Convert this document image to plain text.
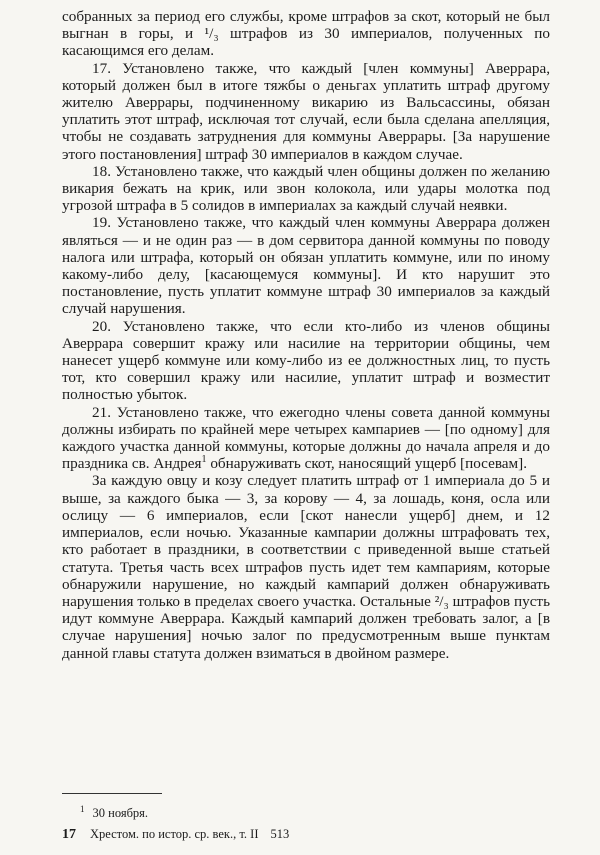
собранных за период его службы, кроме штрафов за скот, который не был выгнан в горы, и ¹/₃ штрафов из 30 империалов, полученных по касающимся его делам.

17. Установлено также, что каждый [член коммуны] Аверрара, который должен был в итоге тяжбы о деньгах уплатить штраф другому жителю Аверрары, подчиненному викарию из Вальсассины, обязан уплатить этот штраф, исключая тот случай, если была сделана апелляция, чтобы не создавать затруднения для коммуны Аверрары. [За нарушение этого постановления] штраф 30 империалов в каждом случае.

18. Установлено также, что каждый член общины должен по желанию викария бежать на крик, или звон колокола, или удары молотка под угрозой штрафа в 5 солидов в империалах за каждый случай неявки.

19. Установлено также, что каждый член коммуны Аверрара должен являться — и не один раз — в дом сервитора данной коммуны по поводу налога или штрафа, который он обязан уплатить коммуне, или по иному какому-либо делу, [касающемуся коммуны]. И кто нарушит это постановление, пусть уплатит коммуне штраф 30 империалов за каждый случай нарушения.

20. Установлено также, что если кто-либо из членов общины Аверрара совершит кражу или насилие на территории общины, чем нанесет ущерб коммуне или кому-либо из ее должностных лиц, то пусть тот, кто совершил кражу или насилие, уплатит штраф и возместит полностью убыток.

21. Установлено также, что ежегодно члены совета данной коммуны должны избирать по крайней мере четырех кампариев — [по одному] для каждого участка данной коммуны, которые должны до начала апреля и до праздника св. Андрея$^1$ обнаруживать скот, наносящий ущерб [посевам].

За каждую овцу и козу следует платить штраф от 1 империала до 5 и выше, за каждого быка — 3, за корову — 4, за лошадь, коня, осла или ослицу — 6 империалов, если [скот нанесли ущерб] днем, и 12 империалов, если ночью. Указанные кампарии должны штрафовать тех, кто работает в праздники, в соответствии с приведенной выше статьей статута. Третья часть всех штрафов пусть идет тем кампариям, которые обнаружили нарушение, но каждый кампарий должен обнаруживать нарушения только в пределах своего участка. Остальные ²/₃ штрафов пусть идут коммуне Аверрара. Каждый кампарий должен требовать залог, а [в случае нарушения] ночью залог по предусмотренным выше пунктам данной главы статута должен взиматься в двойном размере.

$^1$ 30 ноября.
17 Хрестом. по истор. ср. век., т. II 513
